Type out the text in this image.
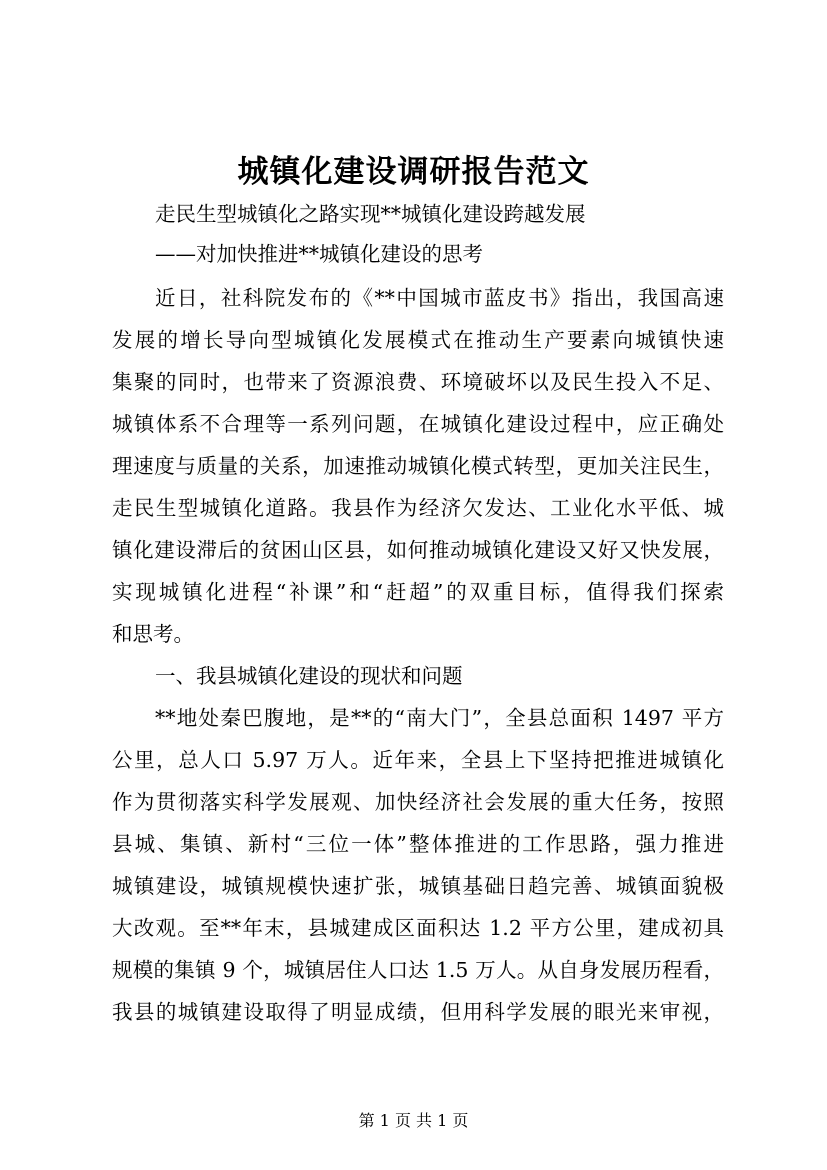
城镇化建设调研报告范文
走民生型城镇化之路实现**城镇化建设跨越发展
——对加快推进**城镇化建设的思考
近日，社科院发布的《**中国城市蓝皮书》指出，我国高速
发展的增长导向型城镇化发展模式在推动生产要素向城镇快速
集聚的同时，也带来了资源浪费、环境破坏以及民生投入不足、
城镇体系不合理等一系列问题，在城镇化建设过程中，应正确处
理速度与质量的关系，加速推动城镇化模式转型，更加关注民生，
走民生型城镇化道路。我县作为经济欠发达、工业化水平低、城
镇化建设滞后的贫困山区县，如何推动城镇化建设又好又快发展，
实现城镇化进程“补课”和“赶超”的双重目标，值得我们探索
和思考。
一、我县城镇化建设的现状和问题
**地处秦巴腹地，是**的“南大门”，全县总面积 1497 平方
公里，总人口 5.97 万人。近年来，全县上下坚持把推进城镇化
作为贯彻落实科学发展观、加快经济社会发展的重大任务，按照
县城、集镇、新村“三位一体”整体推进的工作思路，强力推进
城镇建设，城镇规模快速扩张，城镇基础日趋完善、城镇面貌极
大改观。至**年末，县城建成区面积达 1.2 平方公里，建成初具
规模的集镇 9 个，城镇居住人口达 1.5 万人。从自身发展历程看，
我县的城镇建设取得了明显成绩，但用科学发展的眼光来审视，
第 1 页 共 1 页
